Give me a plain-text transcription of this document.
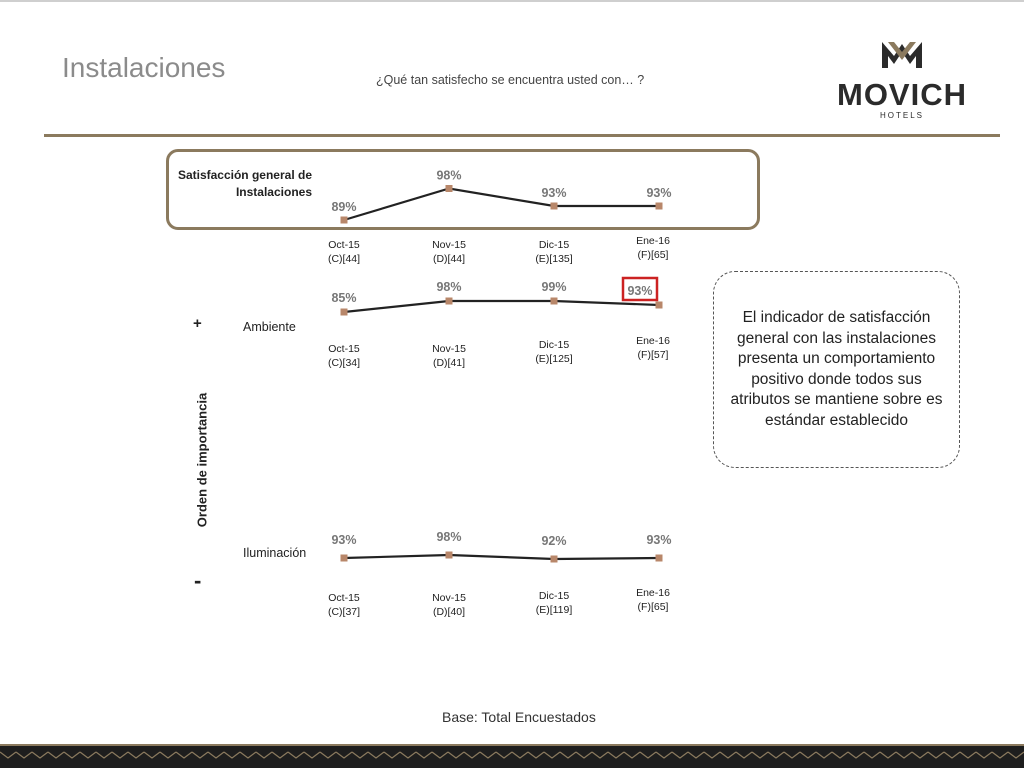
Instalaciones	¿Qué tan satisfecho se encuentra usted con… ?	MOVICH
HOTELS
Satisfacción general de Instalaciones
Ambiente
Iluminación
+
-
Orden de importancia
89%
Oct-15
(C)[44]
98%
Nov-15
(D)[44]
93%
Dic-15
(E)[135]
93%
Ene-16
(F)[65]
85%
Oct-15
(C)[34]
98%
Nov-15
(D)[41]
99%
Dic-15
(E)[125]
93%
Ene-16
(F)[57]
93%
Oct-15
(C)[37]
98%
Nov-15
(D)[40]
92%
Dic-15
(E)[119]
93%
Ene-16
(F)[65]
El indicador de satisfacción general con las instalaciones presenta un comportamiento positivo donde todos sus atributos se mantiene sobre es estándar establecido
Base: Total Encuestados
